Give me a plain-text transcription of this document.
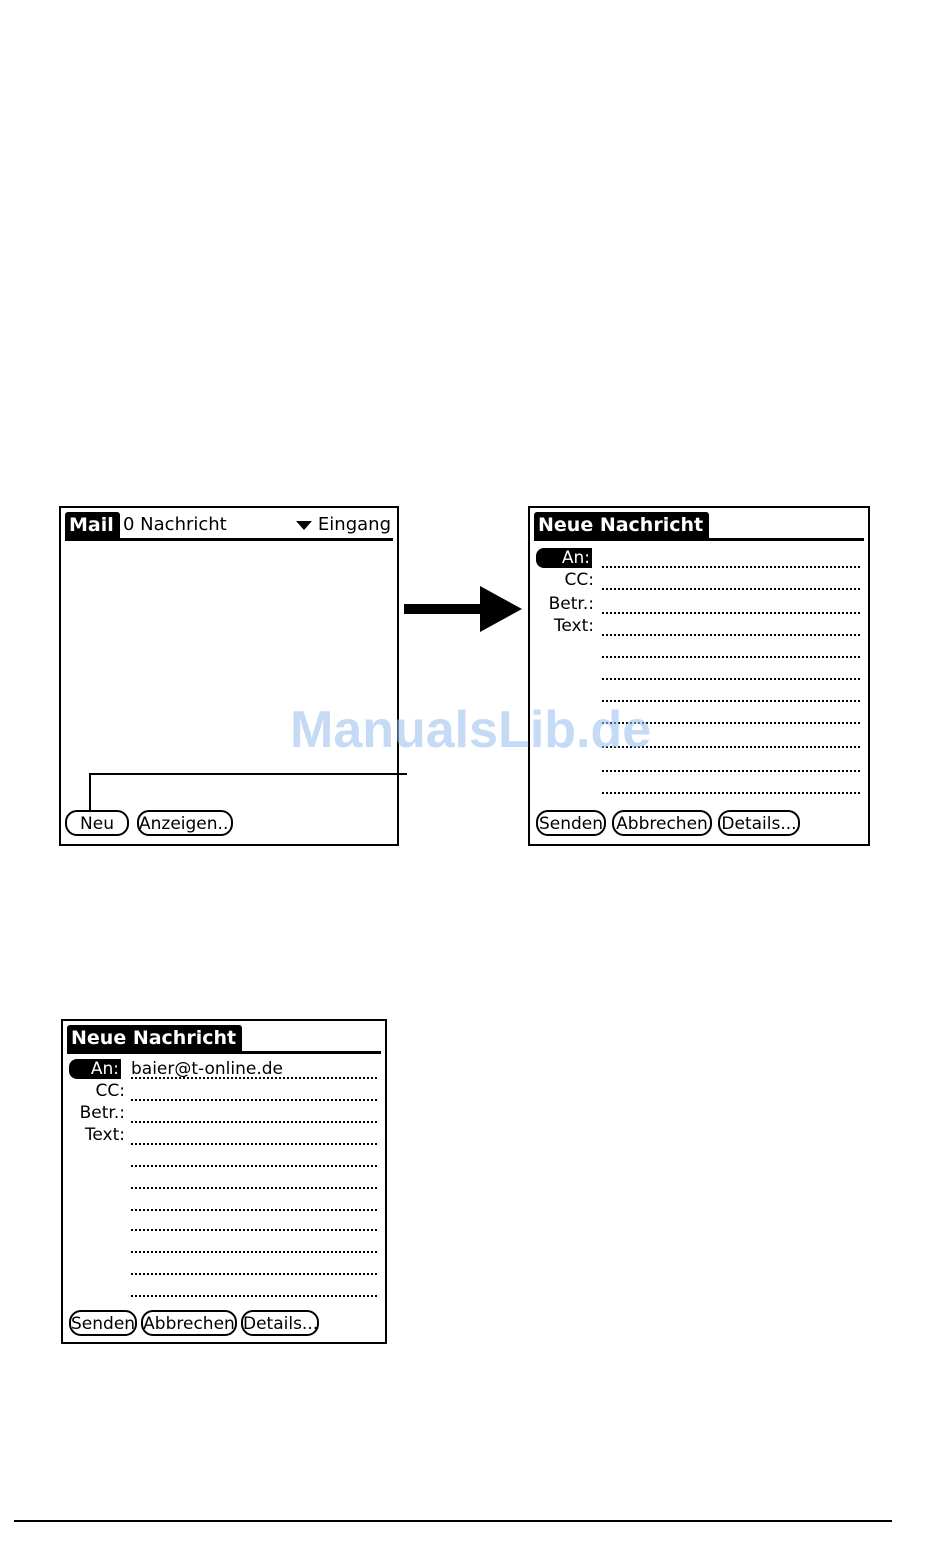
Mail 0 Nachricht	Eingang
Neu	Anzeigen...
Neue Nachricht
An:
CC:
Betr.:
Text:
Senden Abbrechen Details...
ManualsLib.de
Neue Nachricht
An: baier@t-online.de
CC:
Betr.:
Text:
Senden Abbrechen Details...
